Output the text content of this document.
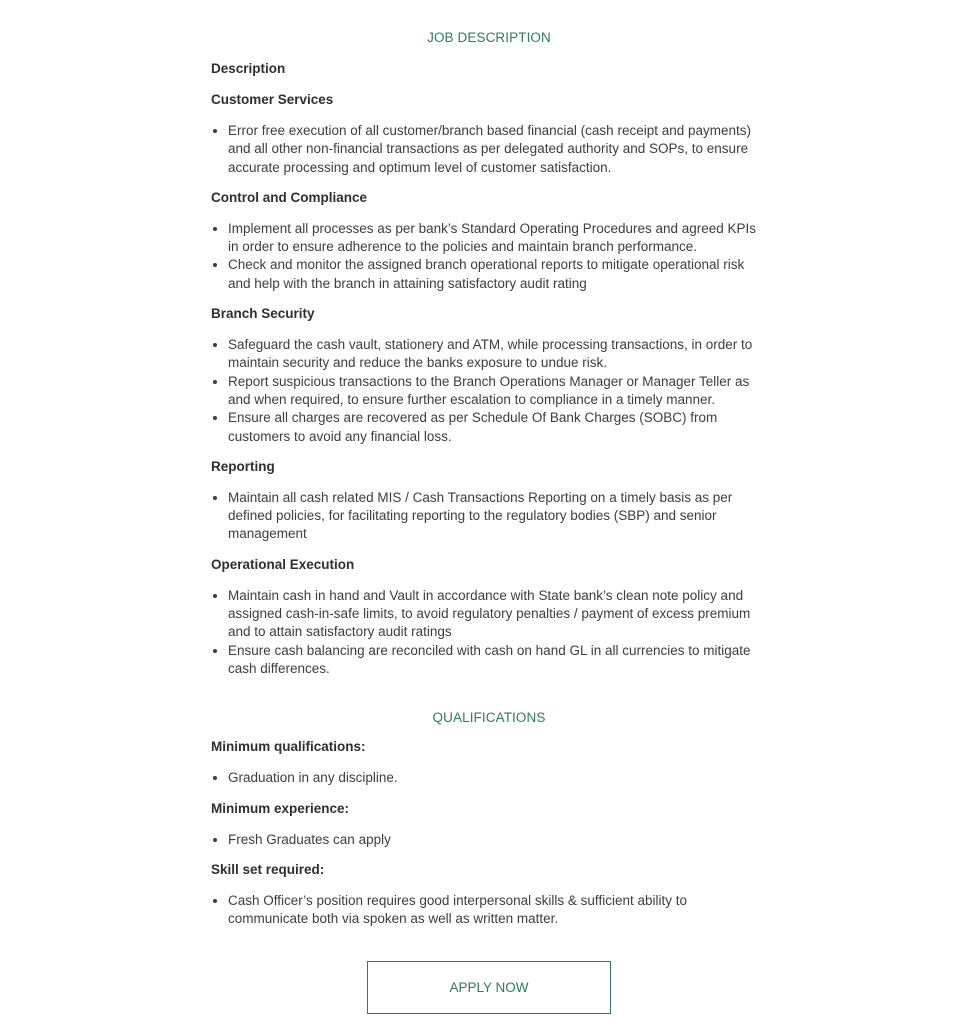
JOB DESCRIPTION
Description
Customer Services
Error free execution of all customer/branch based financial (cash receipt and payments) and all other non-financial transactions as per delegated authority and SOPs, to ensure accurate processing and optimum level of customer satisfaction.
Control and Compliance
Implement all processes as per bank’s Standard Operating Procedures and agreed KPIs in order to ensure adherence to the policies and maintain branch performance.
Check and monitor the assigned branch operational reports to mitigate operational risk and help with the branch in attaining satisfactory audit rating
Branch Security
Safeguard the cash vault, stationery and ATM, while processing transactions, in order to maintain security and reduce the banks exposure to undue risk.
Report suspicious transactions to the Branch Operations Manager or Manager Teller as and when required, to ensure further escalation to compliance in a timely manner.
Ensure all charges are recovered as per Schedule Of Bank Charges (SOBC) from customers to avoid any financial loss.
Reporting
Maintain all cash related MIS / Cash Transactions Reporting on a timely basis as per defined policies, for facilitating reporting to the regulatory bodies (SBP) and senior management
Operational Execution
Maintain cash in hand and Vault in accordance with State bank’s clean note policy and assigned cash-in-safe limits, to avoid regulatory penalties / payment of excess premium and to attain satisfactory audit ratings
Ensure cash balancing are reconciled with cash on hand GL in all currencies to mitigate cash differences.
QUALIFICATIONS
Minimum qualifications:
Graduation in any discipline.
Minimum experience:
Fresh Graduates can apply
Skill set required:
Cash Officer’s position requires good interpersonal skills & sufficient ability to communicate both via spoken as well as written matter.
APPLY NOW
